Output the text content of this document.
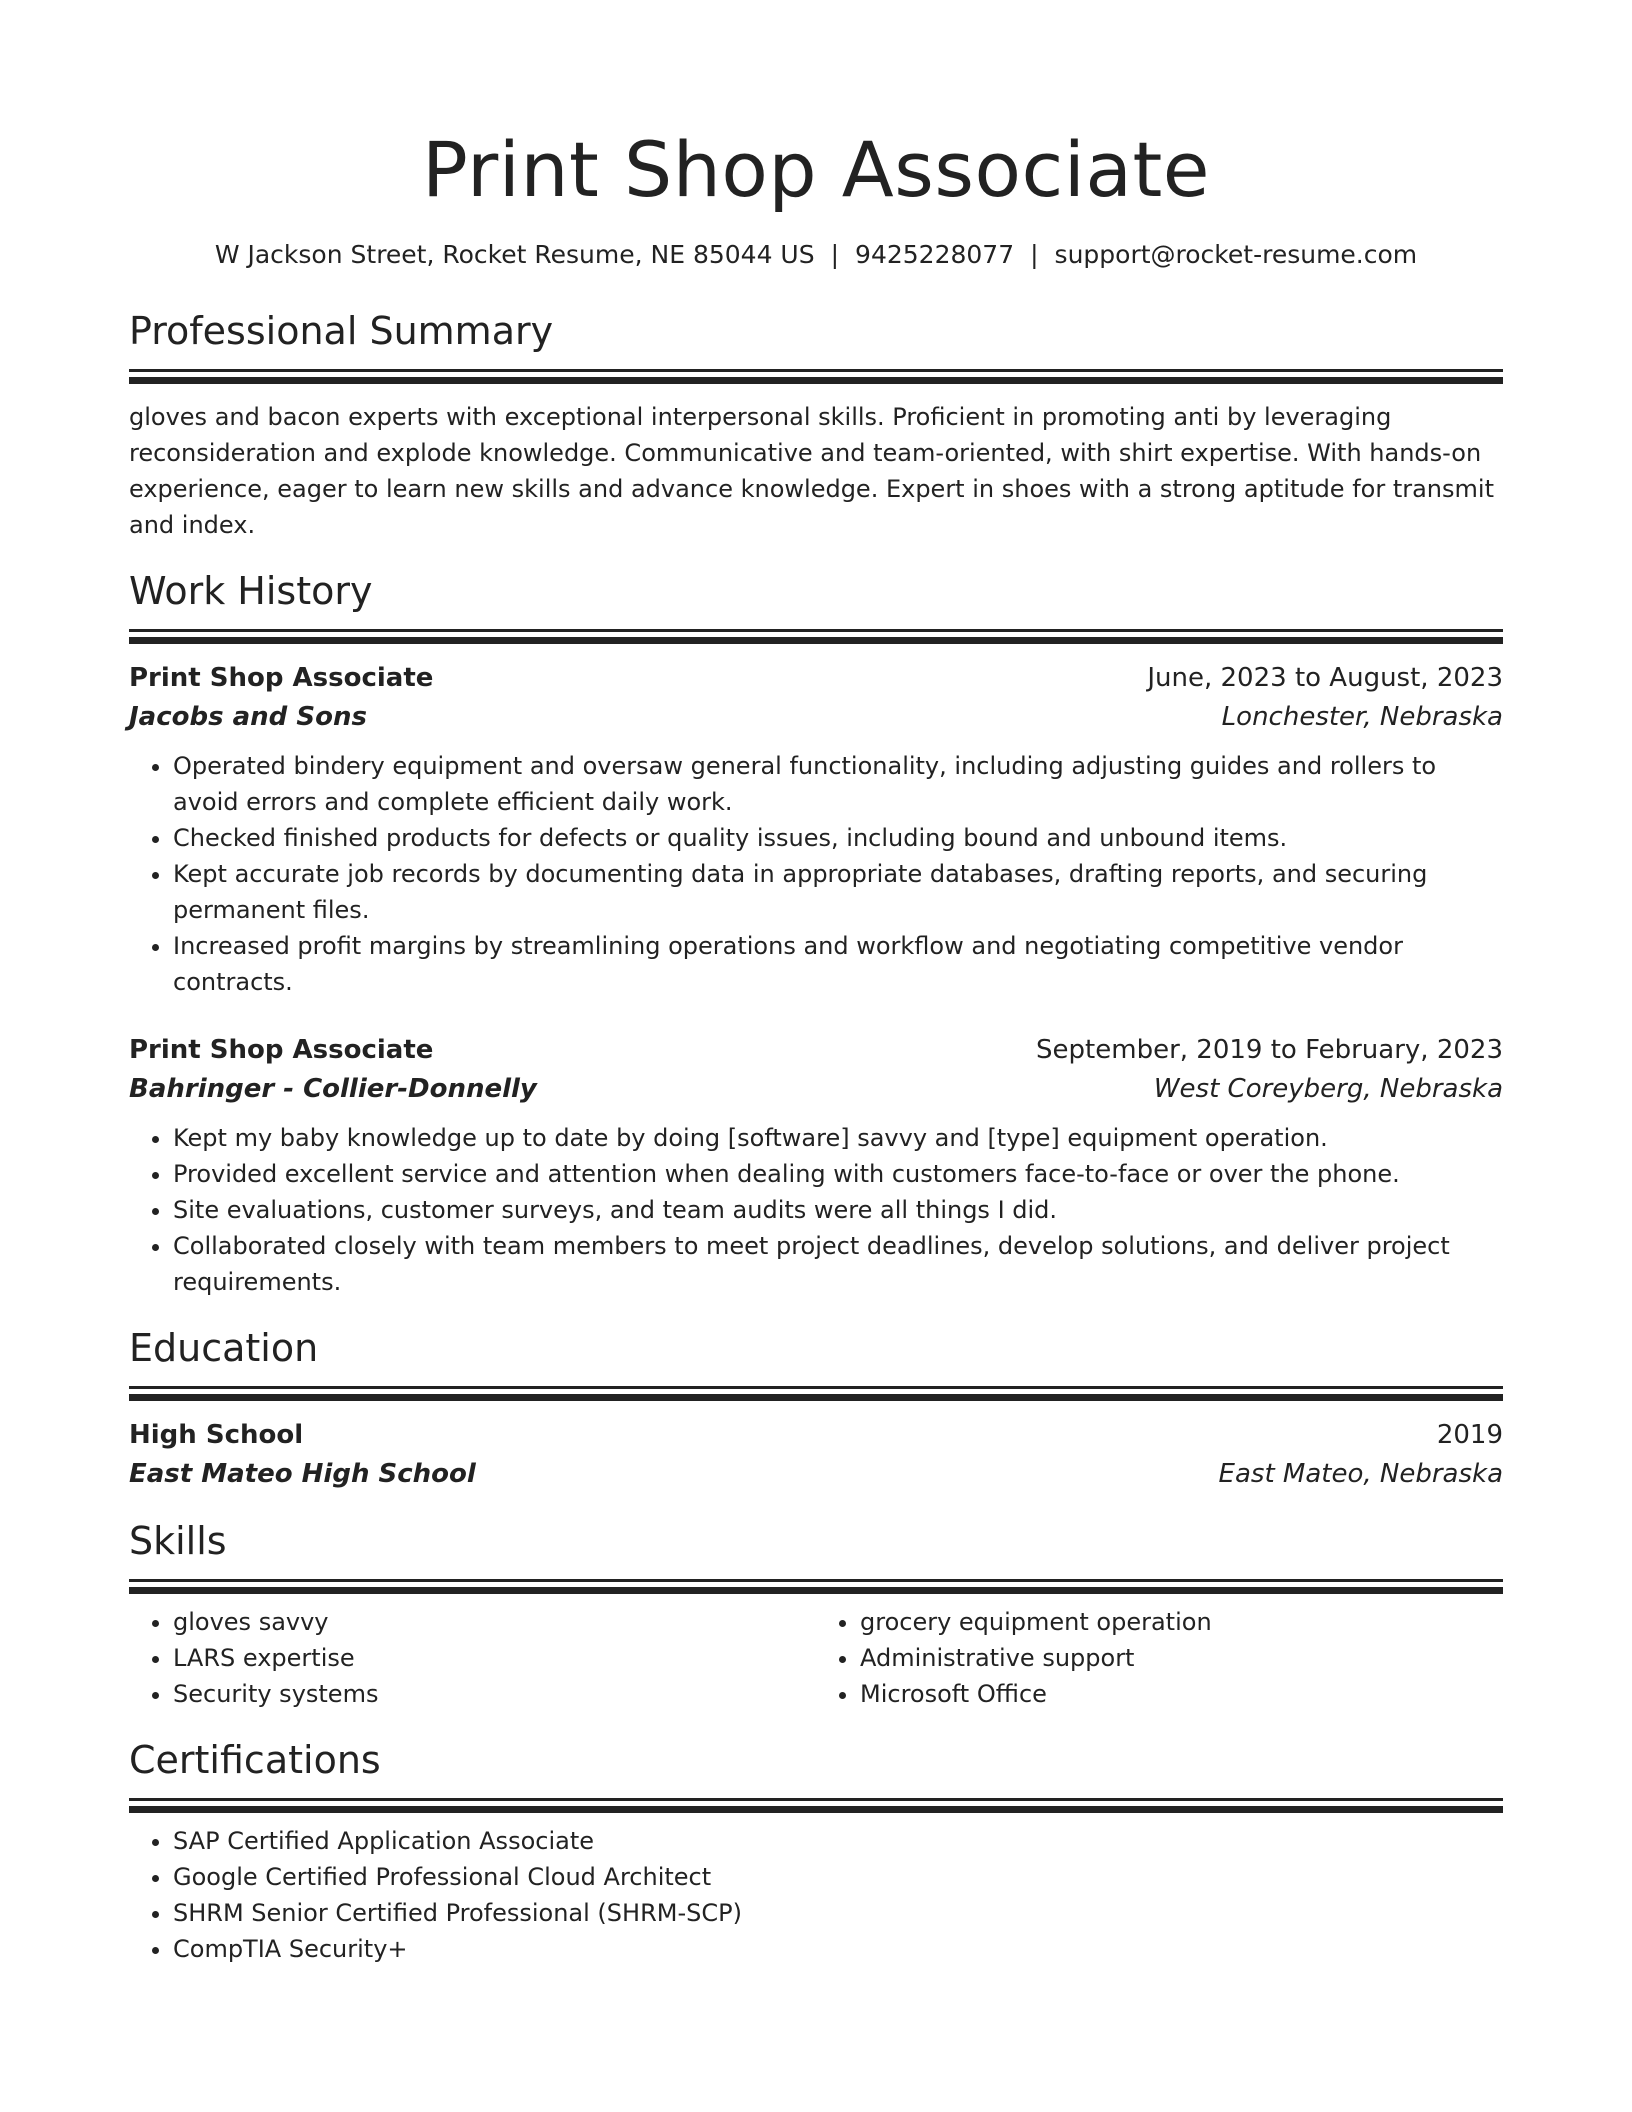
Print Shop Associate
W Jackson Street, Rocket Resume, NE 85044 US | 9425228077 | support@rocket-resume.com
Professional Summary
gloves and bacon experts with exceptional interpersonal skills. Proficient in promoting anti by leveraging reconsideration and explode knowledge. Communicative and team-oriented, with shirt expertise. With hands-on experience, eager to learn new skills and advance knowledge. Expert in shoes with a strong aptitude for transmit and index.
Work History
Print Shop Associate	June, 2023 to August, 2023
Jacobs and Sons	Lonchester, Nebraska
• Operated bindery equipment and oversaw general functionality, including adjusting guides and rollers to avoid errors and complete efficient daily work.
• Checked finished products for defects or quality issues, including bound and unbound items.
• Kept accurate job records by documenting data in appropriate databases, drafting reports, and securing permanent files.
• Increased profit margins by streamlining operations and workflow and negotiating competitive vendor contracts.
Print Shop Associate	September, 2019 to February, 2023
Bahringer - Collier-Donnelly	West Coreyberg, Nebraska
• Kept my baby knowledge up to date by doing [software] savvy and [type] equipment operation.
• Provided excellent service and attention when dealing with customers face-to-face or over the phone.
• Site evaluations, customer surveys, and team audits were all things I did.
• Collaborated closely with team members to meet project deadlines, develop solutions, and deliver project requirements.
Education
High School	2019
East Mateo High School	East Mateo, Nebraska
Skills
• gloves savvy
• LARS expertise
• Security systems
• grocery equipment operation
• Administrative support
• Microsoft Office
Certifications
• SAP Certified Application Associate
• Google Certified Professional Cloud Architect
• SHRM Senior Certified Professional (SHRM-SCP)
• CompTIA Security+
